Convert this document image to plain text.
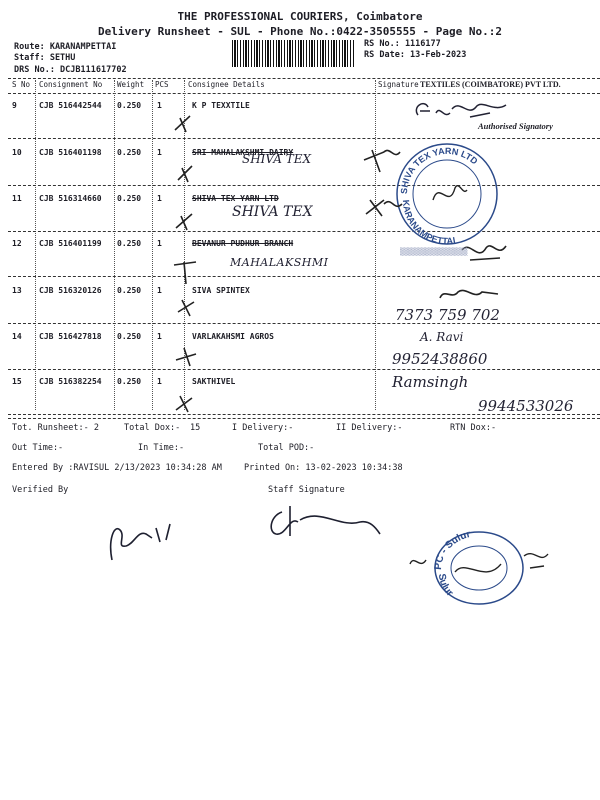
THE PROFESSIONAL COURIERS, Coimbatore
Delivery Runsheet - SUL - Phone No.:0422-3505555 - Page No.:2
Route: KARANAMPETTAI
Staff: SETHU
DRS No.: DCJB111617702
RS No.: 1116177
RS Date: 13-Feb-2023
S No Consignment No Weight PCS	Consignee Details	Signature
9	CJB 516442544 0.250 1	K P TEXXTILE
10 CJB 516401198 0.250 1	SRI MAHALAKSHMI DAIRY
11 CJB 516314660 0.250 1	SHIVA TEX YARN LTD
12 CJB 516401199 0.250 1	BEVANUR PUDHUR BRANCH
13 CJB 516320126 0.250 1	SIVA SPINTEX
14 CJB 516427818 0.250 1	VARLAKAHSMI AGROS
15 CJB 516382254 0.250 1	SAKTHIVEL
TEXTILES (COIMBATORE) PVT LTD.
Authorised Signatory
SHIVA TEX YARN LTD
KARANAMPETTAI
SHIVA TEX
SHIVA TEX
MAHALAKSHMI
7373 759 702
A. Ravi
9952438860
Ramsingh
9944533026
▒▒▒▒▒▒▒▒▒▒▒▒▒▒▒▒
Tot. Runsheet:- 2	Total Dox:- 15	I Delivery:-	II Delivery:-	RTN Dox:-
Out Time:-	In Time:-	Total POD:-
Entered By :RAVISUL 2/13/2023 10:34:28 AM	Printed On: 13-02-2023 10:34:38
Verified By	Staff Signature
PC - Sulur
Sulur
